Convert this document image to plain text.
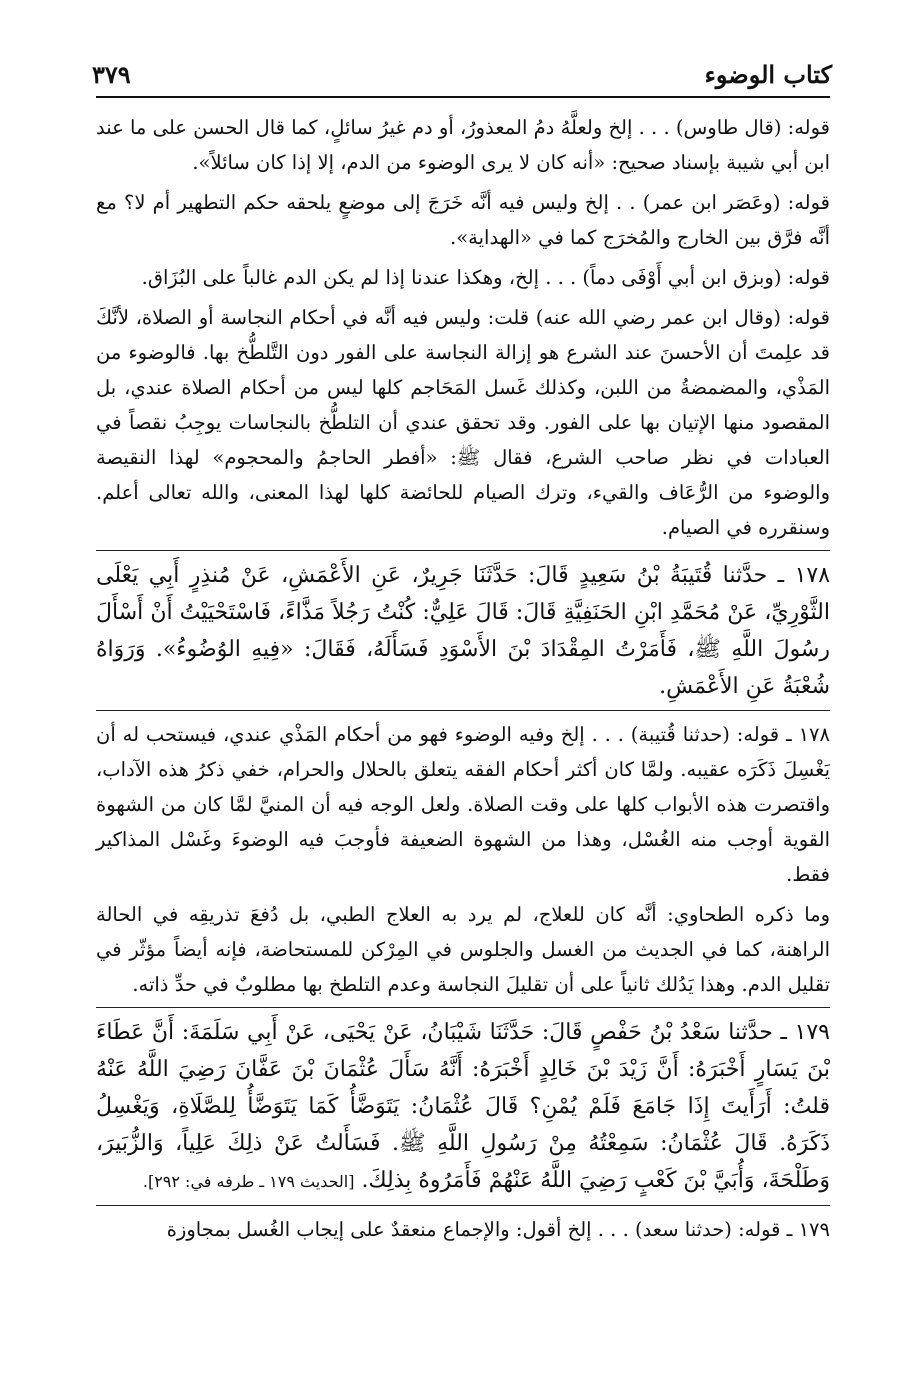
كتاب الوضوء
٣٧٩

قوله: (قال طاوس) . . . إلخ ولعلَّهُ دمُ المعذورُ، أو دم غيرُ سائلٍ، كما قال الحسن على ما عند ابن أبي شيبة بإسناد صحيح: «أنه كان لا يرى الوضوء من الدم، إلا إذا كان سائلاً».

قوله: (وعَصَر ابن عمر) . . إلخ وليس فيه أنَّه خَرَجَ إلى موضعٍ يلحقه حكم التطهير أم لا؟ مع أنَّه فرَّق بين الخارج والمُخرَج كما في «الهداية».

قوله: (وبزق ابن أبي أَوْفَى دماً) . . . إلخ، وهكذا عندنا إذا لم يكن الدم غالباً على البُزَاق.

قوله: (وقال ابن عمر رضي الله عنه) قلت: وليس فيه أنَّه في أحكام النجاسة أو الصلاة، لأنَّكَ قد علِمتَ أن الأحسنَ عند الشرع هو إزالة النجاسة على الفور دون التَّلطُّخ بها. فالوضوء من المَذْي، والمضمضةُ من اللبن، وكذلك غَسل المَحَاجم كلها ليس من أحكام الصلاة عندي، بل المقصود منها الإتيان بها على الفور. وقد تحقق عندي أن التلطُّخ بالنجاسات يوجِبُ نقصاً في العبادات في نظر صاحب الشرع، فقال ﷺ: «أفطر الحاجمُ والمحجوم» لهذا النقيصة والوضوء من الرُّعَاف والقيء، وترك الصيام للحائضة كلها لهذا المعنى، والله تعالى أعلم. وسنقرره في الصيام.

١٧٨ ـ حدَّثنا قُتَيبَةُ بْنُ سَعِيدٍ قَالَ: حَدَّثَنَا جَرِيرٌ، عَنِ الأَعْمَشِ، عَنْ مُنذِرٍ أَبِي يَعْلَى الثَّوْرِيِّ، عَنْ مُحَمَّدِ ابْنِ الحَنَفِيَّةِ قَالَ: قَالَ عَلِيٌّ: كُنْتُ رَجُلاً مَذَّاءً، فَاسْتَحْيَيْتُ أَنْ أَسْأَلَ رسُولَ اللَّهِ ﷺ، فَأَمَرْتُ المِقْدَادَ بْنَ الأَسْوَدِ فَسَأَلَهُ، فَقَالَ: «فِيهِ الوُضُوءُ». وَرَوَاهُ شُعْبَةُ عَنِ الأَعْمَشِ.

١٧٨ ـ قوله: (حدثنا قُتيبة) . . . إلخ وفيه الوضوء فهو من أحكام المَذْي عندي، فيستحب له أن يَغْسِلَ ذَكَرَه عقيبه. ولمَّا كان أكثر أحكام الفقه يتعلق بالحلال والحرام، خفي ذكرُ هذه الآداب، واقتصرت هذه الأبواب كلها على وقت الصلاة. ولعل الوجه فيه أن المنيَّ لمَّا كان من الشهوة القوية أوجب منه الغُسْل، وهذا من الشهوة الضعيفة فأوجبَ فيه الوضوءَ وغَسْل المذاكير فقط.

وما ذكره الطحاوي: أنَّه كان للعلاج، لم يرد به العلاج الطبي، بل دُفعَ تذريقِه في الحالة الراهنة، كما في الجديث من الغسل والجلوس في المِرْكن للمستحاضة، فإنه أيضاً مؤثّر في تقليل الدم. وهذا يَدُلك ثانياً على أن تقليلَ النجاسة وعدم التلطخ بها مطلوبٌ في حدِّ ذاته.

١٧٩ ـ حدَّثنا سَعْدُ بْنُ حَفْصٍ قَالَ: حَدَّثَنَا شَيْبَانُ، عَنْ يَحْيَى، عَنْ أَبِي سَلَمَةَ: أَنَّ عَطَاءَ بْنَ يَسَارٍ أَخْبَرَهُ: أَنَّ زَيْدَ بْنَ خَالِدٍ أَخْبَرَهُ: أَنَّهُ سَأَلَ عُثْمَانَ بْنَ عَفَّانَ رَضِيَ اللَّهُ عَنْهُ قلتُ: أَرَأَيتَ إِذَا جَامَعَ فَلَمْ يُمْنِ؟ قَالَ عُثْمَانُ: يَتَوَضَّأُ كَمَا يَتَوَضَّأُ لِلصَّلَاةِ، وَيَغْسِلُ ذَكَرَهُ. قَالَ عُثْمَانُ: سَمِعْتُهُ مِنْ رَسُولِ اللَّهِ ﷺ. فَسَأَلتُ عَنْ ذلِكَ عَلِياً، وَالزُّبَيرَ، وَطَلْحَةَ، وَأُبَيَّ بْنَ كَعْبٍ رَضِيَ اللَّهُ عَنْهُمْ فَأَمَرُوهُ بِذلِكَ. [الحديث ١٧٩ ـ طرفه في: ٢٩٢].

١٧٩ ـ قوله: (حدثنا سعد) . . . إلخ أقول: والإجماع منعقدٌ على إيجاب الغُسل بمجاوزة
